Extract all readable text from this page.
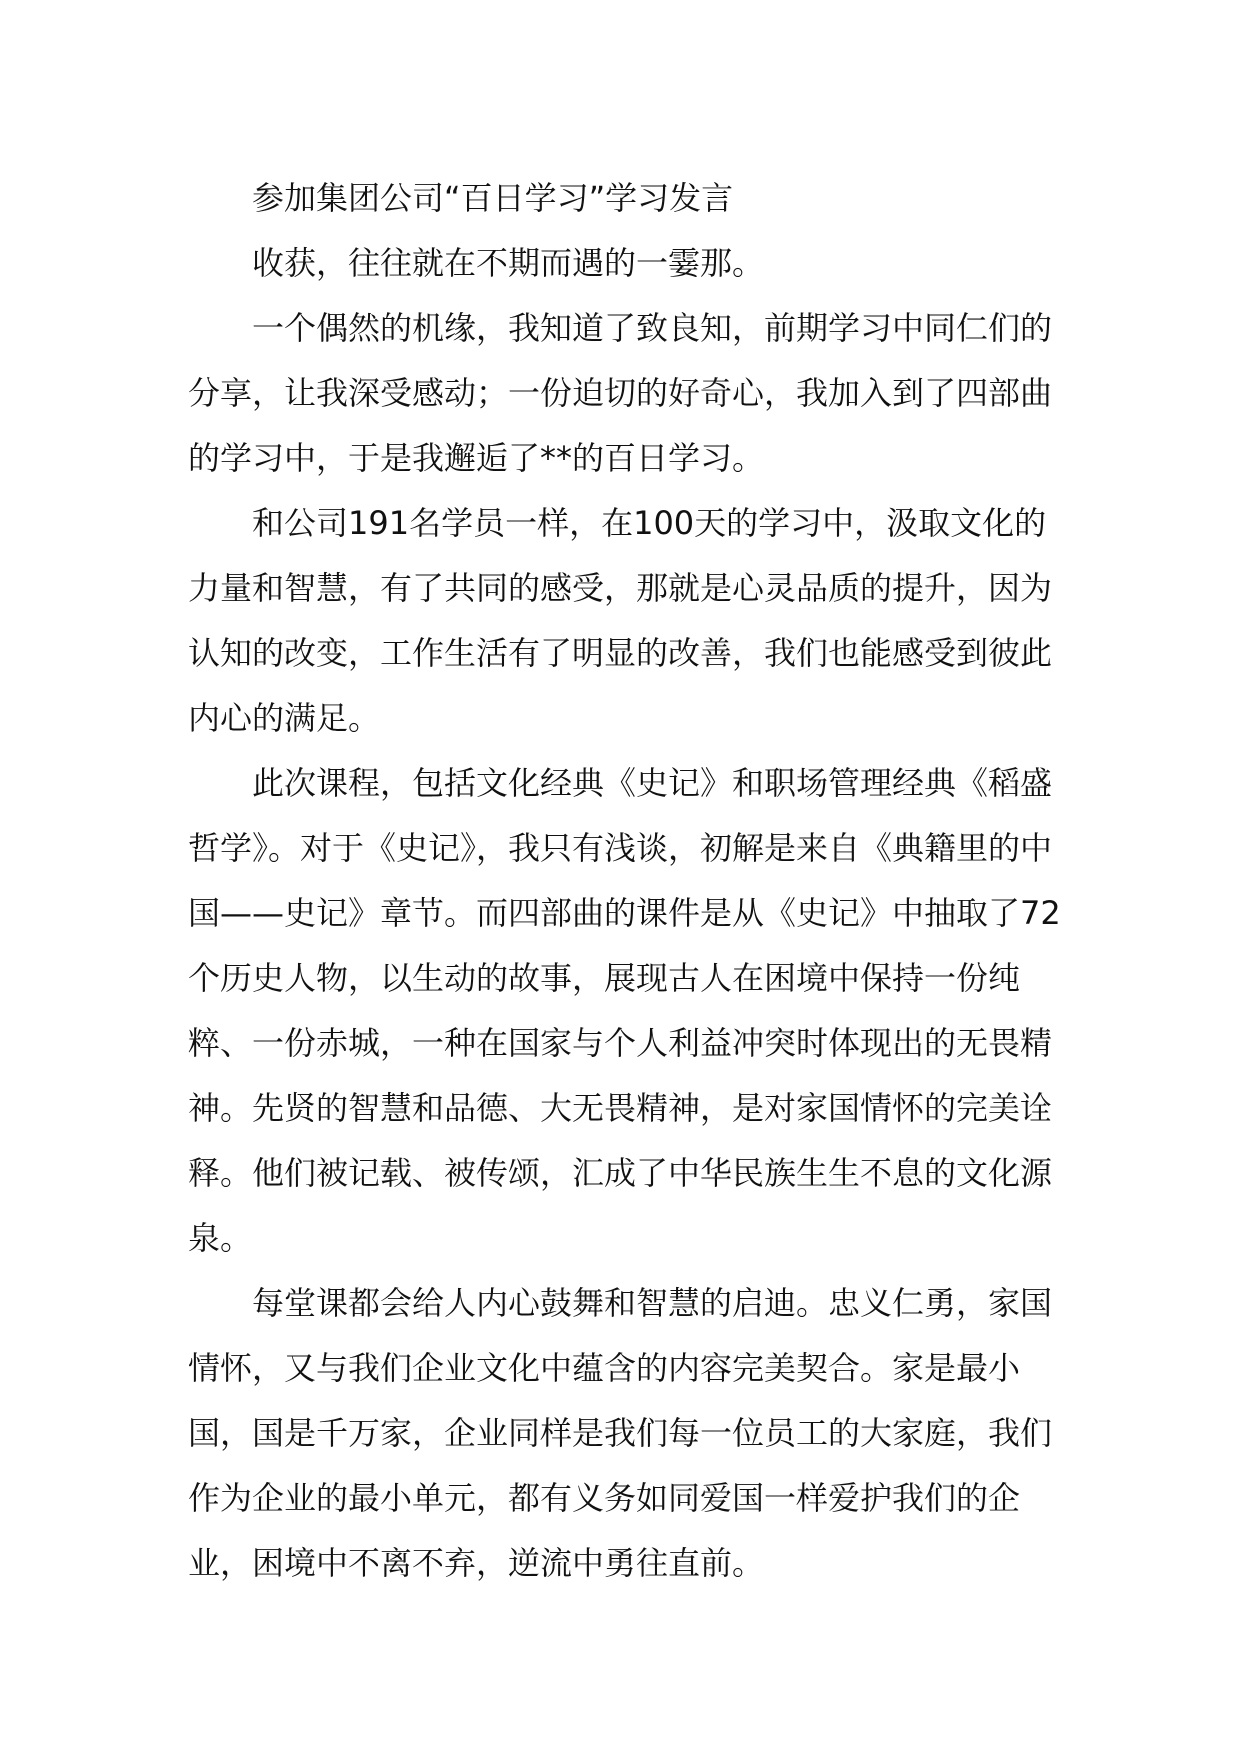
参加集团公司“百日学习”学习发言

收获，往往就在不期而遇的一霎那。

一个偶然的机缘，我知道了致良知，前期学习中同仁们的分享，让我深受感动；一份迫切的好奇心，我加入到了四部曲的学习中，于是我邂逅了**的百日学习。

和公司191名学员一样，在100天的学习中，汲取文化的力量和智慧，有了共同的感受，那就是心灵品质的提升，因为认知的改变，工作生活有了明显的改善，我们也能感受到彼此内心的满足。

此次课程，包括文化经典《史记》和职场管理经典《稻盛哲学》。对于《史记》，我只有浅谈，初解是来自《典籍里的中国——史记》章节。而四部曲的课件是从《史记》中抽取了72个历史人物，以生动的故事，展现古人在困境中保持一份纯粹、一份赤城，一种在国家与个人利益冲突时体现出的无畏精神。先贤的智慧和品德、大无畏精神，是对家国情怀的完美诠释。他们被记载、被传颂，汇成了中华民族生生不息的文化源泉。

每堂课都会给人内心鼓舞和智慧的启迪。忠义仁勇，家国情怀，又与我们企业文化中蕴含的内容完美契合。家是最小国，国是千万家，企业同样是我们每一位员工的大家庭，我们作为企业的最小单元，都有义务如同爱国一样爱护我们的企业，困境中不离不弃，逆流中勇往直前。
